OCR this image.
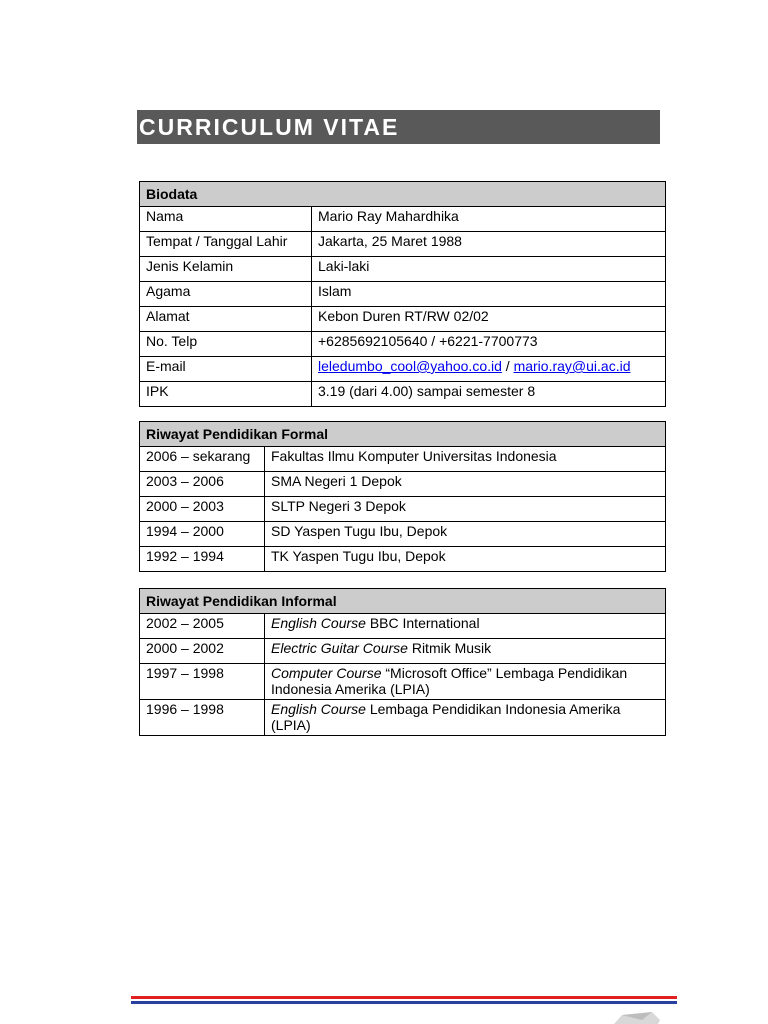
CURRICULUM VITAE
Biodata	
Nama	Mario Ray Mahardhika
Tempat / Tanggal Lahir	Jakarta, 25 Maret 1988
Jenis Kelamin	Laki-laki
Agama	Islam
Alamat	Kebon Duren RT/RW 02/02
No. Telp	+6285692105640 / +6221-7700773
E-mail	leledumbo_cool@yahoo.co.id / mario.ray@ui.ac.id
IPK	3.19 (dari 4.00) sampai semester 8
Riwayat Pendidikan Formal	
2006 – sekarang	Fakultas Ilmu Komputer Universitas Indonesia
2003 – 2006	SMA Negeri 1 Depok
2000 – 2003	SLTP Negeri 3 Depok
1994 – 2000	SD Yaspen Tugu Ibu, Depok
1992 – 1994	TK Yaspen Tugu Ibu, Depok
Riwayat Pendidikan Informal	
2002 – 2005	English Course BBC International
2000 – 2002	Electric Guitar Course Ritmik Musik
1997 – 1998	Computer Course “Microsoft Office” Lembaga Pendidikan Indonesia Amerika (LPIA)
1996 – 1998	English Course Lembaga Pendidikan Indonesia Amerika (LPIA)
